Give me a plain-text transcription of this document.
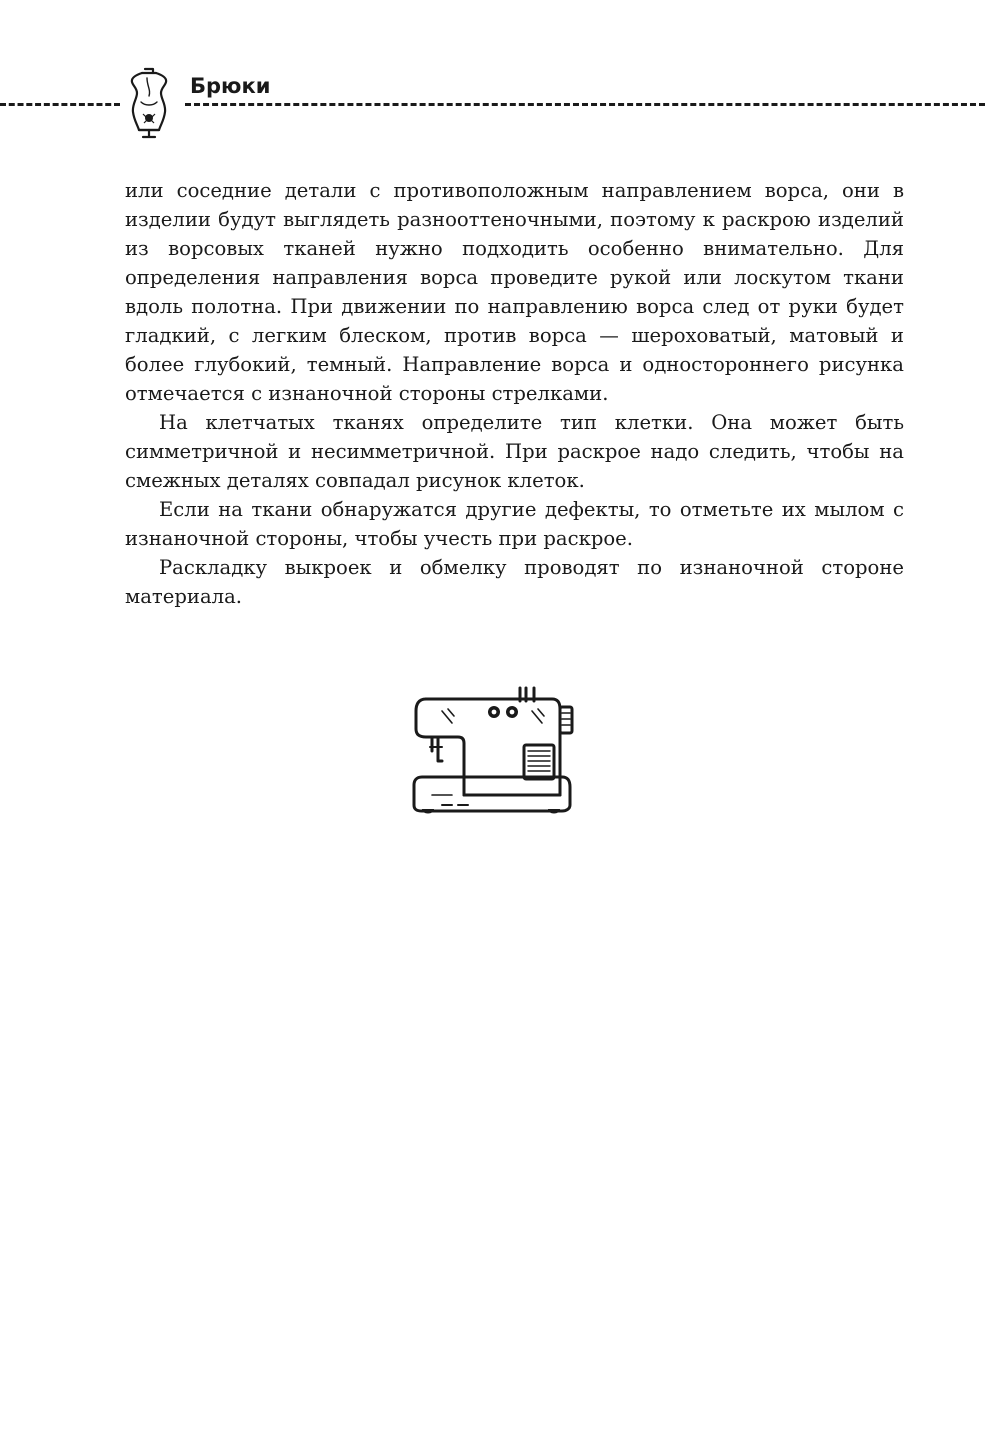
Брюки

или соседние детали с противоположным направлением ворса, они в изделии будут выглядеть разнооттеночными, поэтому к раскрою изделий из ворсовых тканей нужно подходить особенно внимательно. Для определения направления ворса проведите рукой или лоскутом ткани вдоль полотна. При движении по направлению ворса след от руки будет гладкий, с легким блеском, против ворса — шероховатый, матовый и более глубокий, темный. Направление ворса и одностороннего рисунка отмечается с изнаночной стороны стрелками.

На клетчатых тканях определите тип клетки. Она может быть симметричной и несимметричной. При раскрое надо следить, чтобы на смежных деталях совпадал рисунок клеток.

Если на ткани обнаружатся другие дефекты, то отметьте их мылом с изнаночной стороны, чтобы учесть при раскрое.

Раскладку выкроек и обмелку проводят по изнаночной стороне материала.
